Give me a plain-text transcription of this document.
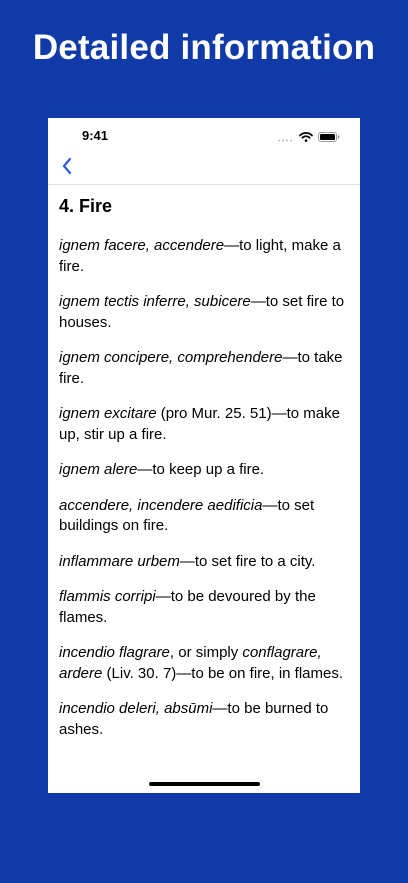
Detailed information
9:41
4. Fire

ignem facere, accendere—to light, make a fire.

ignem tectis inferre, subicere—to set fire to houses.

ignem concipere, comprehendere—to take fire.

ignem excitare (pro Mur. 25. 51)—to make up, stir up a fire.

ignem alere—to keep up a fire.

accendere, incendere aedificia—to set buildings on fire.

inflammare urbem—to set fire to a city.

flammis corripi—to be devoured by the flames.

incendio flagrare, or simply conflagrare, ardere (Liv. 30. 7)—to be on fire, in flames.

incendio deleri, absūmi—to be burned to ashes.
